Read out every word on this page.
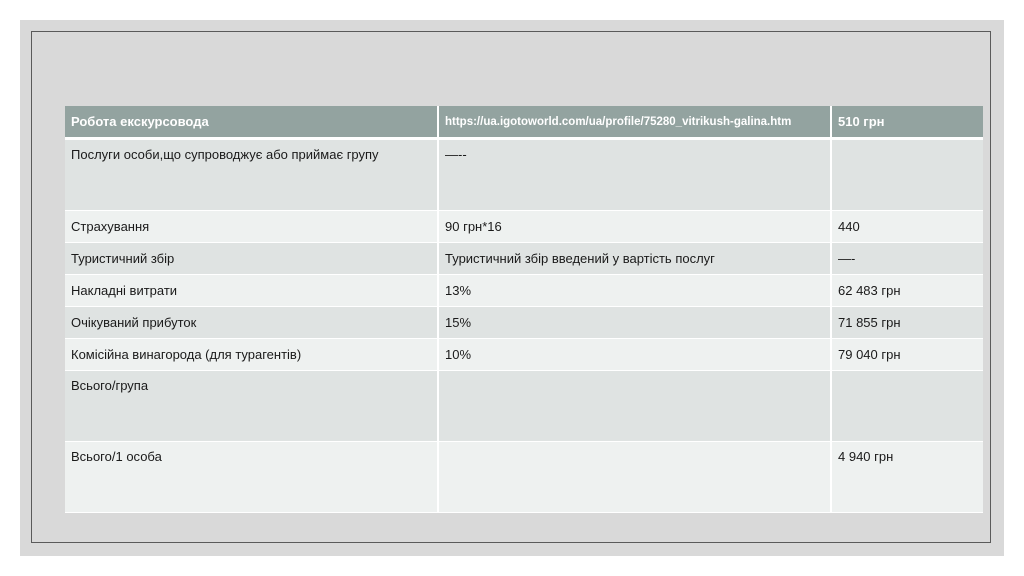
Робота екскурсовода	https://ua.igotoworld.com/ua/profile/75280_vitrikush-galina.htm	510 грн
Послуги особи,що супроводжує або приймає групу	—--	
Страхування	90 грн*16	440
Туристичний збір	Туристичний збір введений у вартість послуг	—-
Накладні витрати	13%	62 483 грн
Очікуваний прибуток	15%	71 855 грн
Комісійна винагорода (для турагентів)	10%	79 040 грн
Всього/група		
Всього/1 особа		4 940 грн
